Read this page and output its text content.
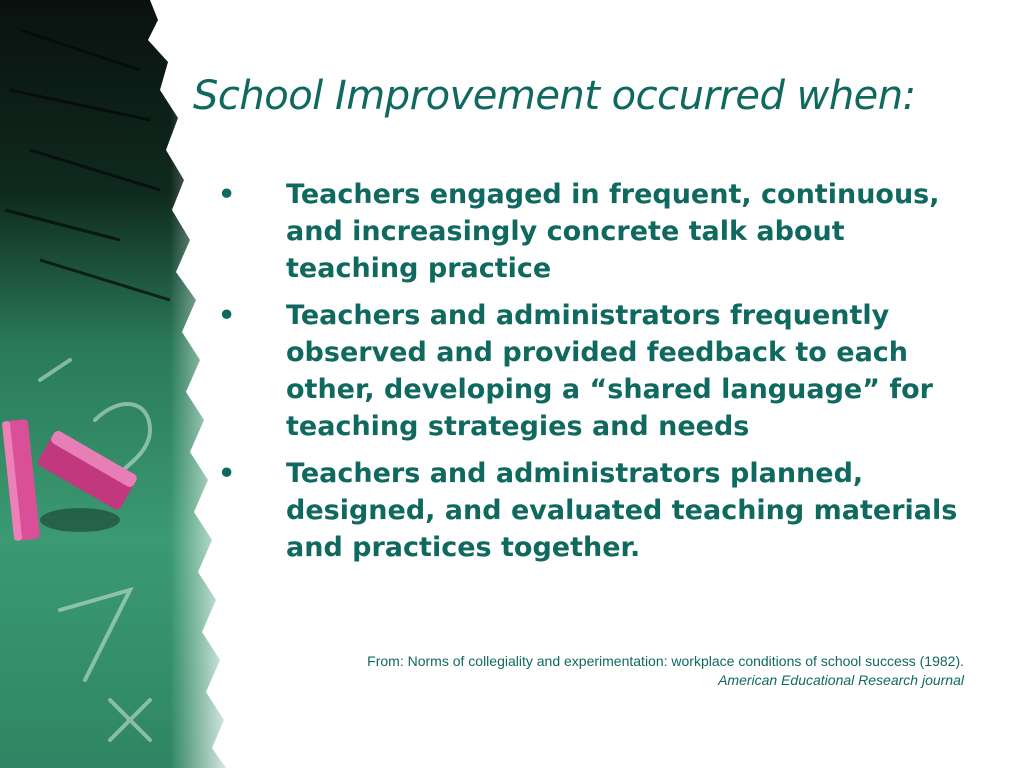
School Improvement occurred when:
• Teachers engaged in frequent, continuous, and increasingly concrete talk about teaching practice
• Teachers and administrators frequently observed and provided feedback to each other, developing a “shared language” for teaching strategies and needs
• Teachers and administrators planned, designed, and evaluated teaching materials and practices together.
From: Norms of collegiality and experimentation: workplace conditions of school success (1982).
American Educational Research journal
